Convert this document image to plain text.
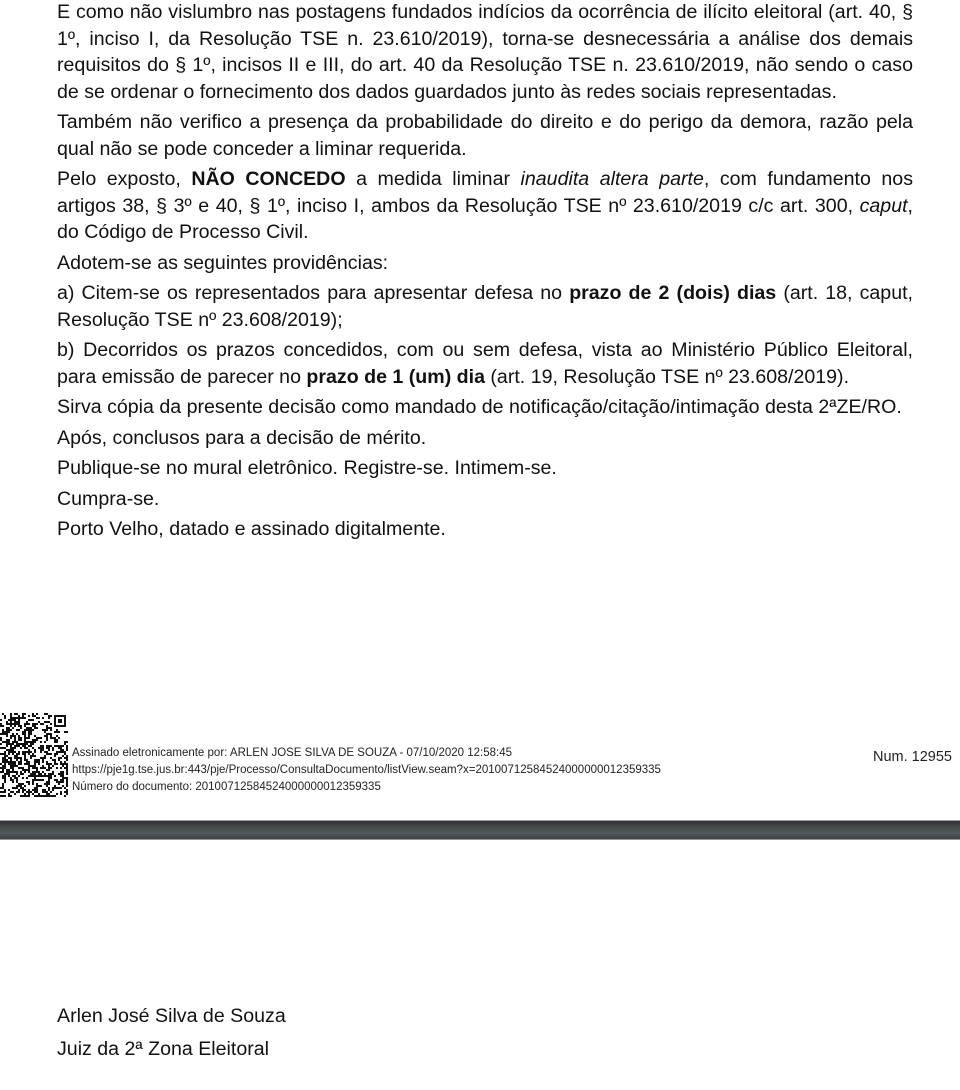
E como não vislumbro nas postagens fundados indícios da ocorrência de ilícito eleitoral (art. 40, § 1º, inciso I, da Resolução TSE n. 23.610/2019), torna-se desnecessária a análise dos demais requisitos do § 1º, incisos II e III, do art. 40 da Resolução TSE n. 23.610/2019, não sendo o caso de se ordenar o fornecimento dos dados guardados junto às redes sociais representadas.

Também não verifico a presença da probabilidade do direito e do perigo da demora, razão pela qual não se pode conceder a liminar requerida.

Pelo exposto, NÃO CONCEDO a medida liminar inaudita altera parte, com fundamento nos artigos 38, § 3º e 40, § 1º, inciso I, ambos da Resolução TSE nº 23.610/2019 c/c art. 300, caput, do Código de Processo Civil.

Adotem-se as seguintes providências:

a) Citem-se os representados para apresentar defesa no prazo de 2 (dois) dias (art. 18, caput, Resolução TSE nº 23.608/2019);

b) Decorridos os prazos concedidos, com ou sem defesa, vista ao Ministério Público Eleitoral, para emissão de parecer no prazo de 1 (um) dia (art. 19, Resolução TSE nº 23.608/2019).

Sirva cópia da presente decisão como mandado de notificação/citação/intimação desta 2ªZE/RO.

Após, conclusos para a decisão de mérito.

Publique-se no mural eletrônico. Registre-se. Intimem-se.

Cumpra-se.

Porto Velho, datado e assinado digitalmente.

Assinado eletronicamente por: ARLEN JOSE SILVA DE SOUZA - 07/10/2020 12:58:45
https://pje1g.tse.jus.br:443/pje/Processo/ConsultaDocumento/listView.seam?x=20100712584524000000012359335
Número do documento: 20100712584524000000012359335
Num. 12955
Arlen José Silva de Souza
Juiz da 2ª Zona Eleitoral
